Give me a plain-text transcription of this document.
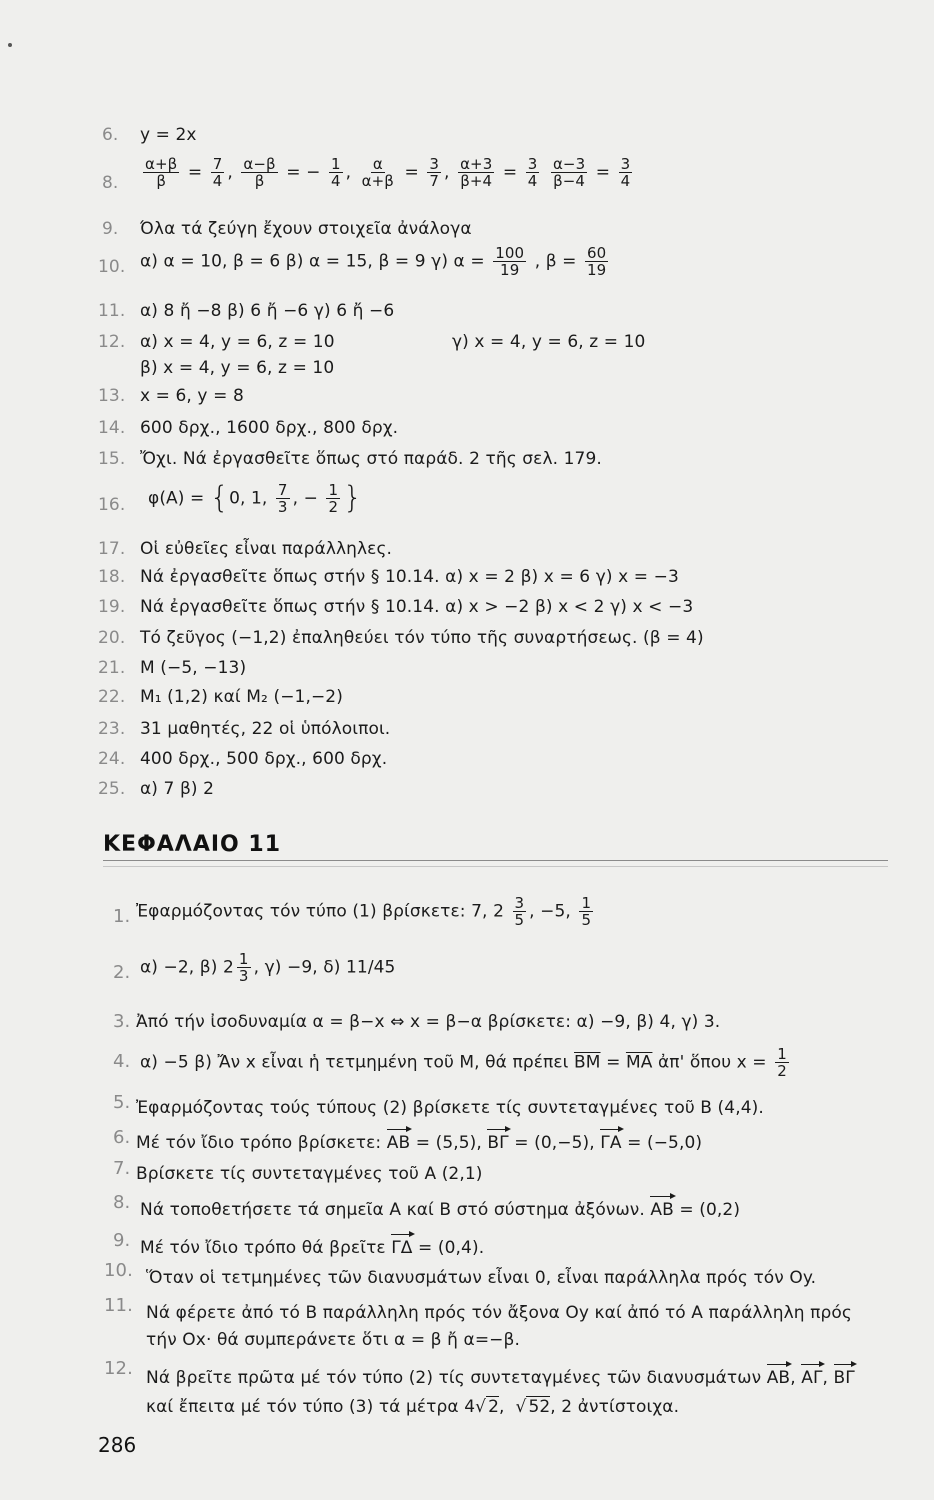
6.	y = 2x
8.	$\frac{\alpha+\beta}{\beta} = \frac{7}{4}$ , $\frac{\alpha-\beta}{\beta}$ = − $\frac{1}{4}$ , $\frac{\alpha}{\alpha+\beta} = \frac{3}{7}$ , $\frac{\alpha+3}{\beta+4} = \frac{3}{4}$
$\frac{\alpha-3}{\beta-4} = \frac{3}{4}$
9.	Όλα τά ζεύγη ἔχουν στοιχεῖα ἀνάλογα
10. α) α = 10, β = 6 β) α = 15, β = 9 γ) $\alpha = \frac{100}{19}$ , $\beta = \frac{60}{19}$
11. α) 8 ἤ −8 β) 6 ἤ −6 γ) 6 ἤ −6
12. α) x = 4, y = 6, z = 10	γ) x = 4, y = 6, z = 10
β) x = 4, y = 6, z = 10
13. x = 6, y = 8
14. 600 δρχ., 1600 δρχ., 800 δρχ.
15. Ὄχι. Νά ἐργασθεῖτε ὅπως στό παράδ. 2 τῆς σελ. 179.
16.	φ(A) = {0, 1, $\frac{7}{3}$ , − $\frac{1}{2}$ }
17. Οἱ εὐθεῖες εἶναι παράλληλες.
18. Νά ἐργασθεῖτε ὅπως στήν § 10.14. α) x = 2 β) x = 6 γ) x = −3
19. Νά ἐργασθεῖτε ὅπως στήν § 10.14. α) x > −2 β) x < 2 γ) x < −3
20. Τό ζεῦγος (−1,2) ἐπαληθεύει τόν τύπο τῆς συναρτήσεως. (β = 4)
21. M (−5, −13)
22. M₁ (1,2) καί M₂ (−1,−2)
23. 31 μαθητές, 22 οἱ ὑπόλοιποι.
24. 400 δρχ., 500 δρχ., 600 δρχ.
25. α) 7 β) 2
ΚΕΦΑΛΑΙΟ 11
1. Ἐφαρμόζοντας τόν τύπο (1) βρίσκετε: 7, $2 \frac{3}{5}$ , −5, $\frac{1}{5}$
2. α) −2, β) $2 \frac{1}{3}$ , γ) −9, δ) 11/45
3. Ἀπό τήν ἰσοδυναμία α = β−x ⇔ x = β−α βρίσκετε: α) −9, β) 4, γ) 3.
4. α) −5 β) Ἄν x εἶναι ἡ τετμημένη τοῦ M, θά πρέπει $\overline{BM} = \overline{MA}$ ἀπ' ὅπου $x = \frac{1}{2}$
5. Ἐφαρμόζοντας τούς τύπους (2) βρίσκετε τίς συντεταγμένες τοῦ B (4,4).
6. Μέ τόν ἴδιο τρόπο βρίσκετε: AB = (5,5), BΓ = (0,−5), ΓA = (−5,0)
7. Βρίσκετε τίς συντεταγμένες τοῦ A (2,1)
8. Νά τοποθετήσετε τά σημεῖα A καί B στό σύστημα ἀξόνων. AB = (0,2)
9. Μέ τόν ἴδιο τρόπο θά βρεῖτε ΓΔ = (0,4).
10. Ὅταν οἱ τετμημένες τῶν διανυσμάτων εἶναι 0, εἶναι παράλληλα πρός τόν Oy.
11. Νά φέρετε ἀπό τό B παράλληλη πρός τόν ἄξονα Oy καί ἀπό τό A παράλληλη πρός
τήν Ox· θά συμπεράνετε ὅτι α = β ἤ α=−β.
12. Νά βρεῖτε πρῶτα μέ τόν τύπο (2) τίς συντεταγμένες τῶν διανυσμάτων AB, AΓ, BΓ
καί ἔπειτα μέ τόν τύπο (3) τά μέτρα 4√ 2,  √ 52, 2 ἀντίστοιχα.
286
